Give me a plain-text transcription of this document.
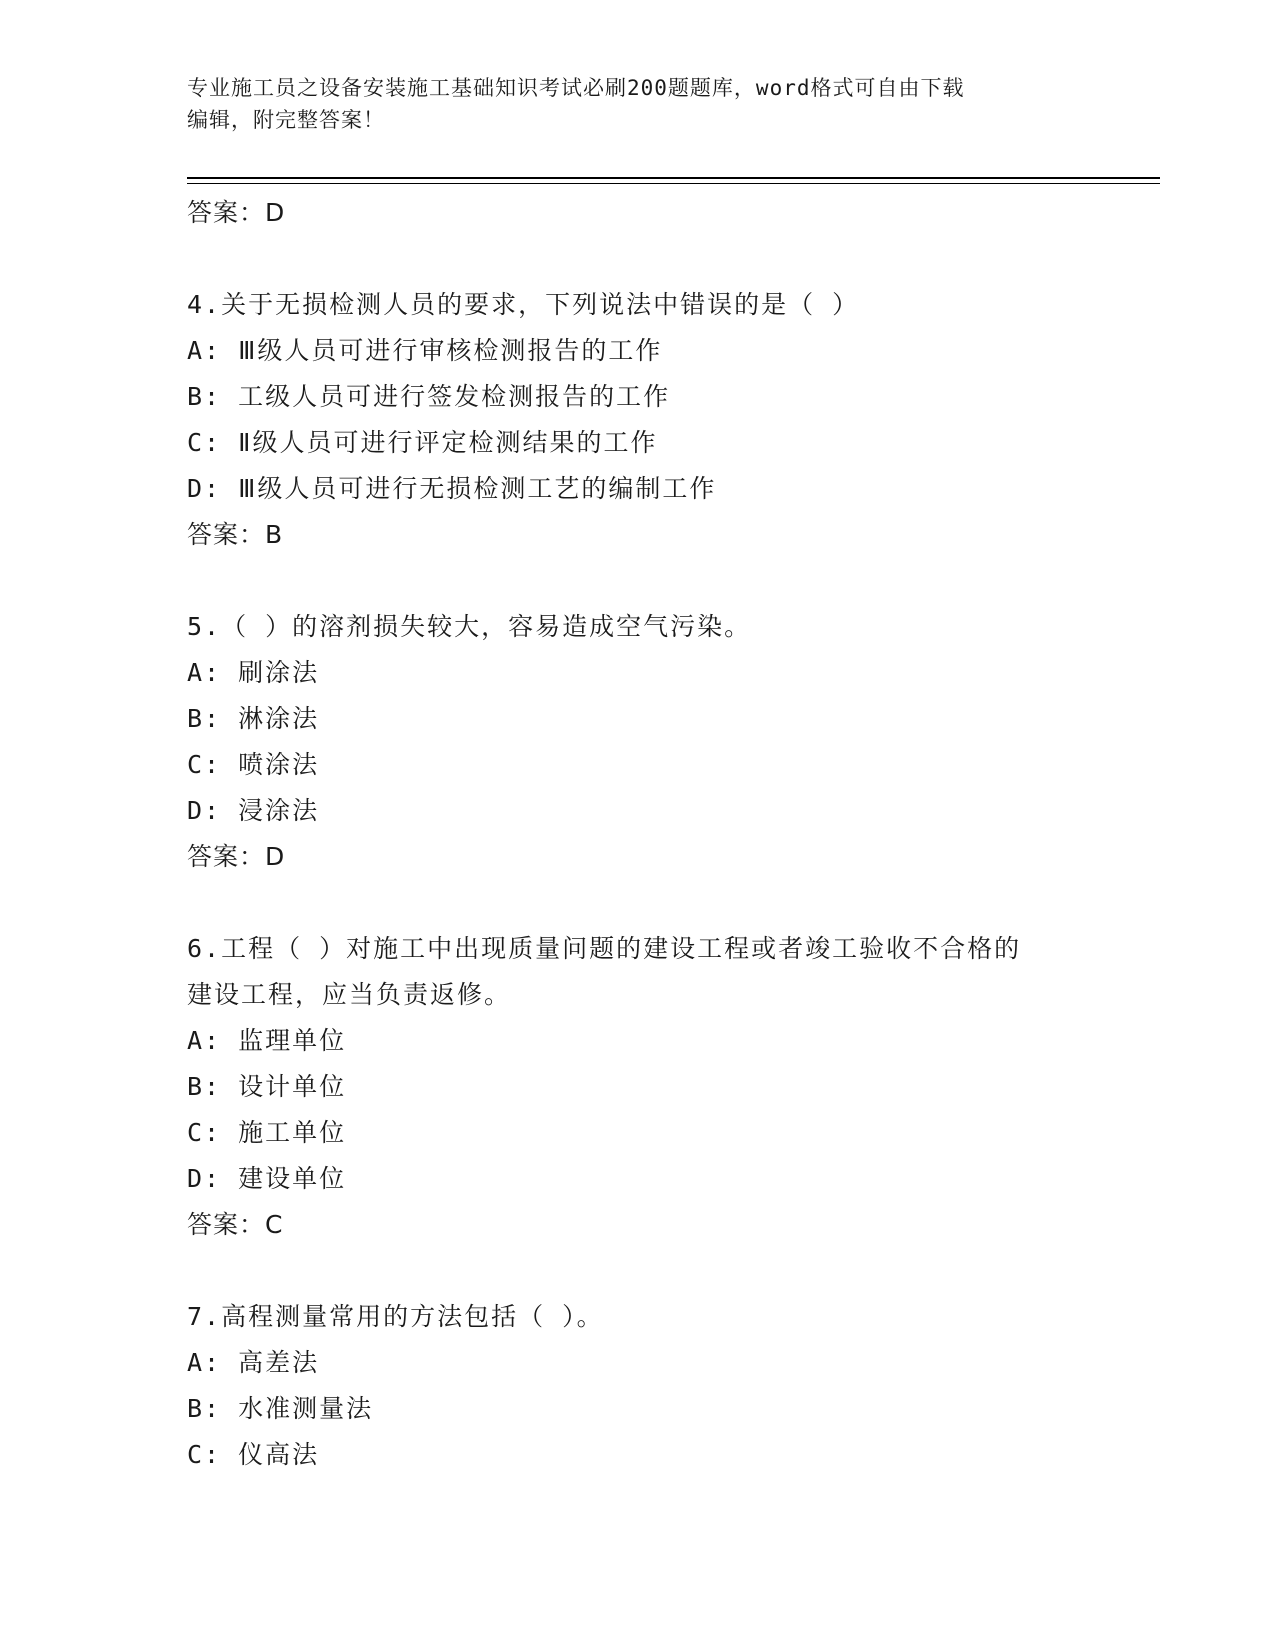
专业施工员之设备安装施工基础知识考试必刷200题题库，word格式可自由下载
编辑，附完整答案！
答案：D
4.关于无损检测人员的要求，下列说法中错误的是（ ）
A: Ⅲ级人员可进行审核检测报告的工作
B: 工级人员可进行签发检测报告的工作
C: Ⅱ级人员可进行评定检测结果的工作
D: Ⅲ级人员可进行无损检测工艺的编制工作
答案：B
5.（ ）的溶剂损失较大，容易造成空气污染。
A: 刷涂法
B: 淋涂法
C: 喷涂法
D: 浸涂法
答案：D
6.工程（ ）对施工中出现质量问题的建设工程或者竣工验收不合格的
建设工程，应当负责返修。
A: 监理单位
B: 设计单位
C: 施工单位
D: 建设单位
答案：C
7.高程测量常用的方法包括（ ）。
A: 高差法
B: 水准测量法
C: 仪高法
